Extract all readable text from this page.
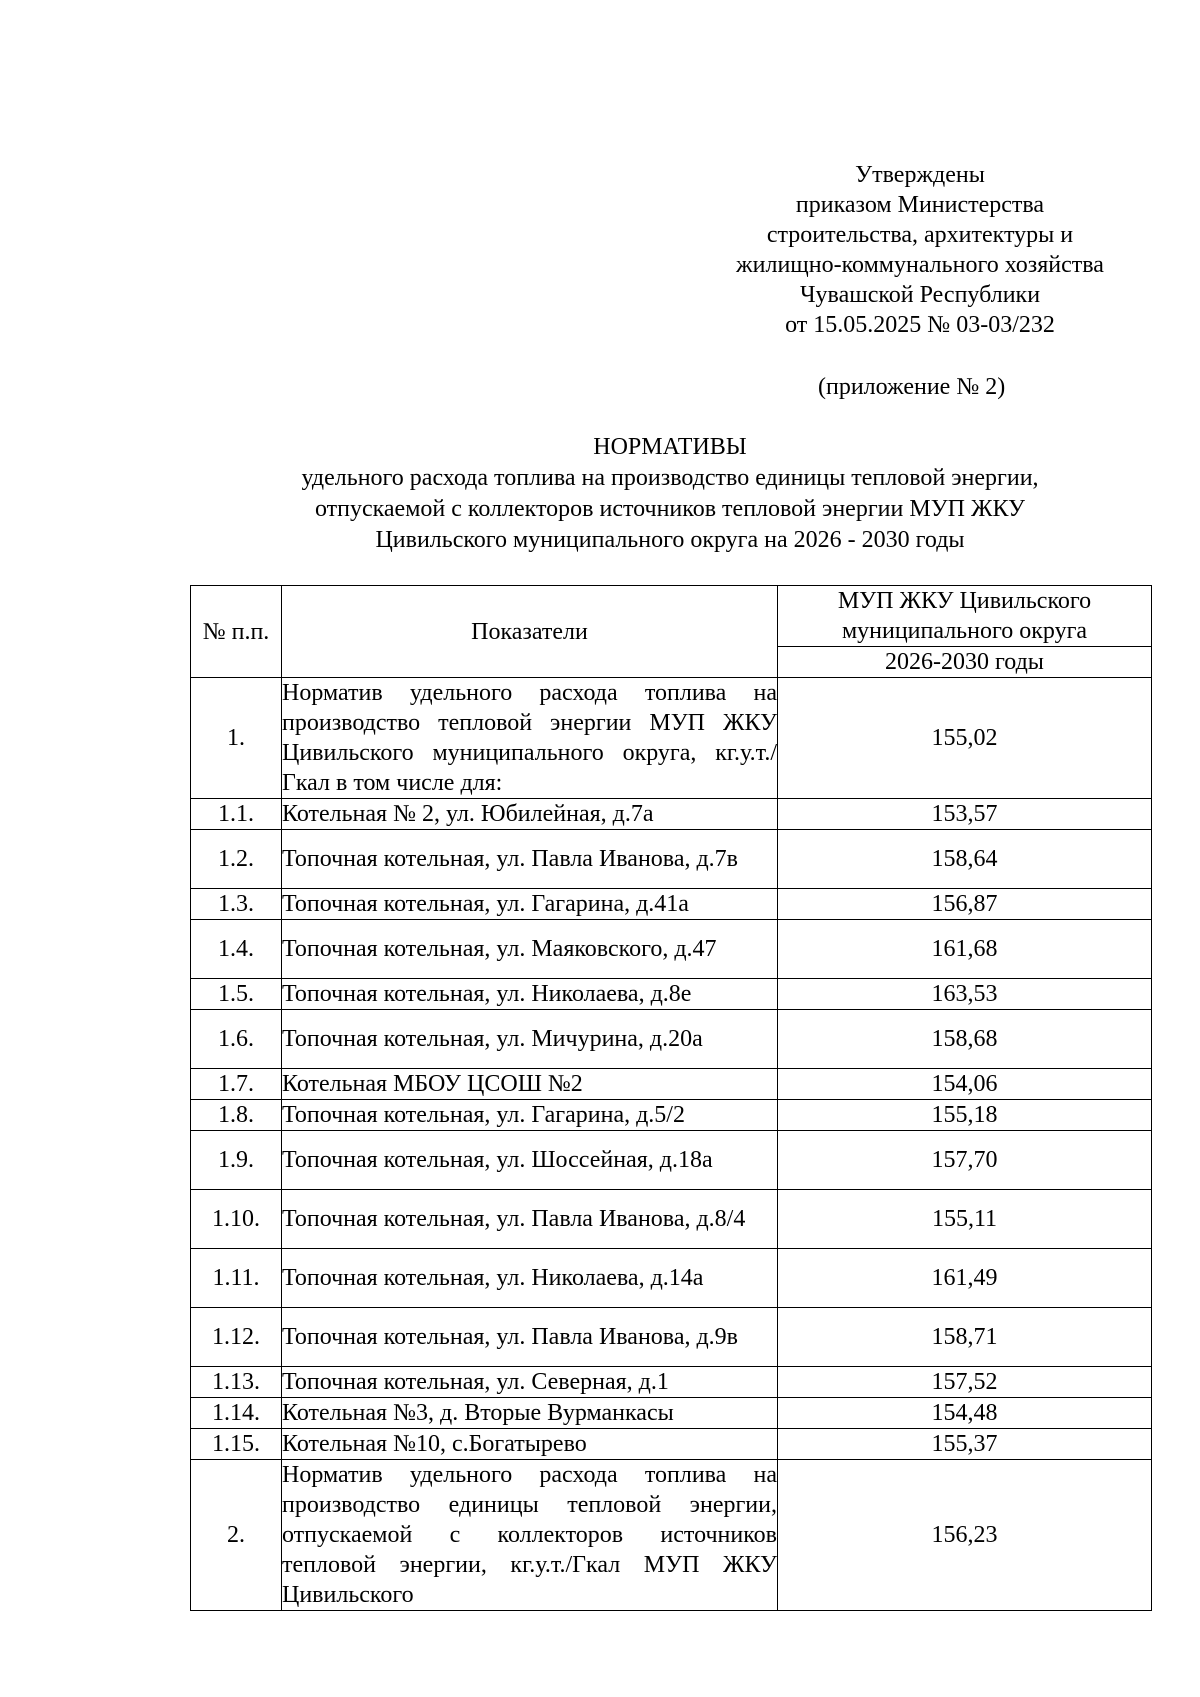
Утверждены
приказом Министерства
строительства, архитектуры и
жилищно-коммунального хозяйства
Чувашской Республики
от 15.05.2025 № 03-03/232
(приложение № 2)
НОРМАТИВЫ
удельного расхода топлива на производство единицы тепловой энергии,
отпускаемой с коллекторов источников тепловой энергии МУП ЖКУ
Цивильского муниципального округа на 2026 - 2030 годы
№ п.п.	Показатели	МУП ЖКУ Цивильского муниципального округа
		2026-2030 годы
1.	Норматив удельного расхода топлива на производство тепловой энергии МУП ЖКУ Цивильского муниципального округа, кг.у.т./Гкал в том числе для:	155,02
1.1.	Котельная № 2, ул. Юбилейная, д.7а	153,57
1.2.	Топочная котельная, ул. Павла Иванова, д.7в	158,64
1.3.	Топочная котельная, ул. Гагарина, д.41а	156,87
1.4.	Топочная котельная, ул. Маяковского, д.47	161,68
1.5.	Топочная котельная, ул. Николаева, д.8е	163,53
1.6.	Топочная котельная, ул. Мичурина, д.20а	158,68
1.7.	Котельная МБОУ ЦСОШ №2	154,06
1.8.	Топочная котельная, ул. Гагарина, д.5/2	155,18
1.9.	Топочная котельная, ул. Шоссейная, д.18а	157,70
1.10.	Топочная котельная, ул. Павла Иванова, д.8/4	155,11
1.11.	Топочная котельная, ул. Николаева, д.14а	161,49
1.12.	Топочная котельная, ул. Павла Иванова, д.9в	158,71
1.13.	Топочная котельная, ул. Северная, д.1	157,52
1.14.	Котельная №3, д. Вторые Вурманкасы	154,48
1.15.	Котельная №10, с.Богатырево	155,37
2.	Норматив удельного расхода топлива на производство единицы тепловой энергии, отпускаемой с коллекторов источников тепловой энергии, кг.у.т./Гкал МУП ЖКУ Цивильского	156,23
